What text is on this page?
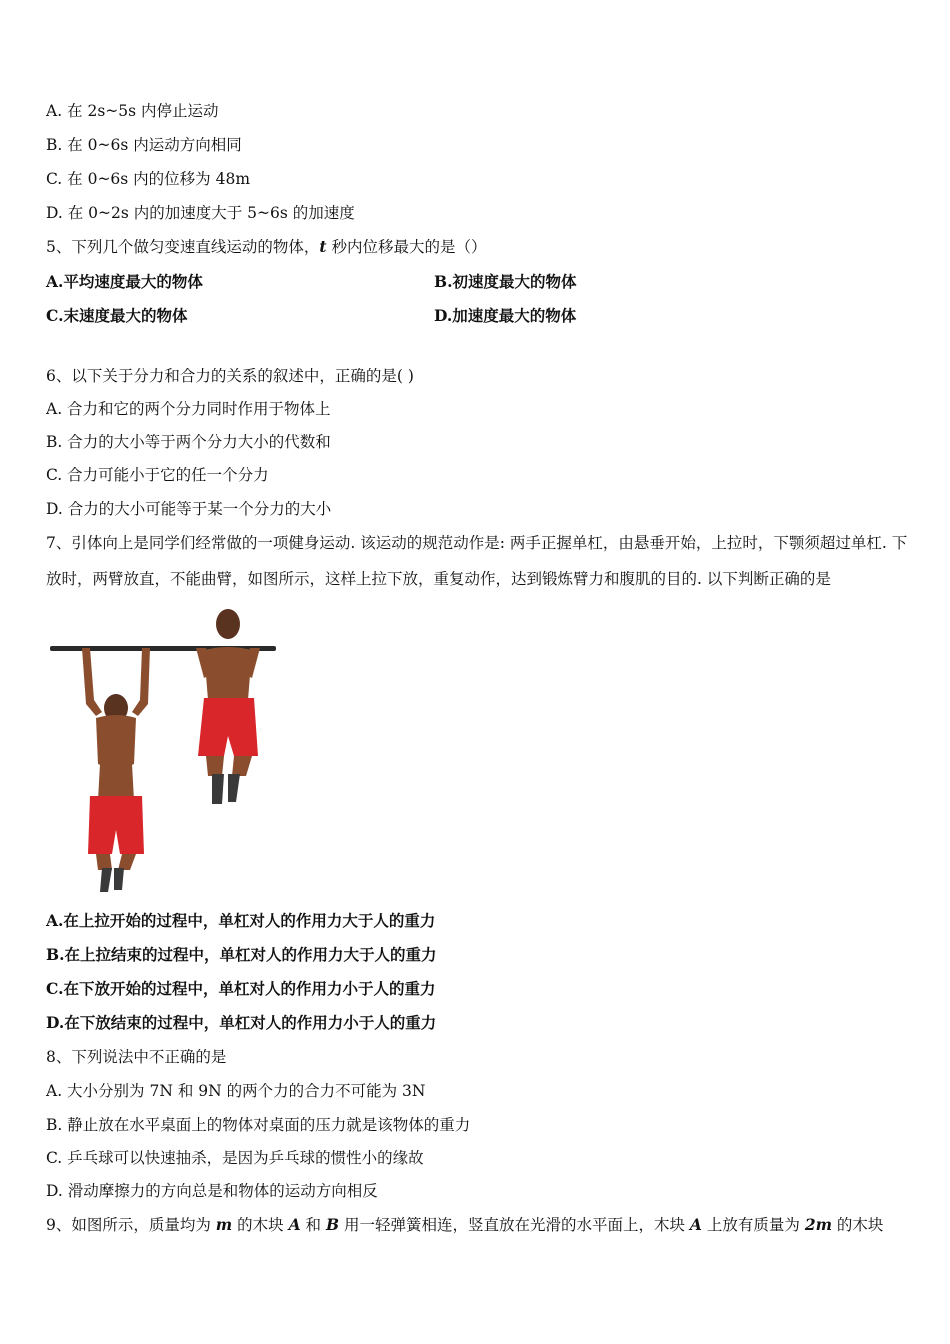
A. 在 2s~5s 内停止运动
B. 在 0~6s 内运动方向相同
C. 在 0~6s 内的位移为 48m
D. 在 0~2s 内的加速度大于 5~6s 的加速度
5、下列几个做匀变速直线运动的物体，t 秒内位移最大的是（）
A.平均速度最大的物体	B.初速度最大的物体
C.末速度最大的物体	D.加速度最大的物体
6、以下关于分力和合力的关系的叙述中，正确的是( )
A. 合力和它的两个分力同时作用于物体上
B. 合力的大小等于两个分力大小的代数和
C. 合力可能小于它的任一个分力
D. 合力的大小可能等于某一个分力的大小
7、引体向上是同学们经常做的一项健身运动. 该运动的规范动作是: 两手正握单杠，由悬垂开始，上拉时，下颚须超过单杠. 下放时，两臂放直，不能曲臂，如图所示，这样上拉下放，重复动作，达到锻炼臂力和腹肌的目的. 以下判断正确的是
A.在上拉开始的过程中，单杠对人的作用力大于人的重力
B.在上拉结束的过程中，单杠对人的作用力大于人的重力
C.在下放开始的过程中，单杠对人的作用力小于人的重力
D.在下放结束的过程中，单杠对人的作用力小于人的重力
8、下列说法中不正确的是
A. 大小分别为 7N 和 9N 的两个力的合力不可能为 3N
B. 静止放在水平桌面上的物体对桌面的压力就是该物体的重力
C. 乒乓球可以快速抽杀，是因为乒乓球的惯性小的缘故
D. 滑动摩擦力的方向总是和物体的运动方向相反
9、如图所示，质量均为 m 的木块 A 和 B 用一轻弹簧相连，竖直放在光滑的水平面上，木块 A 上放有质量为 2m 的木块
